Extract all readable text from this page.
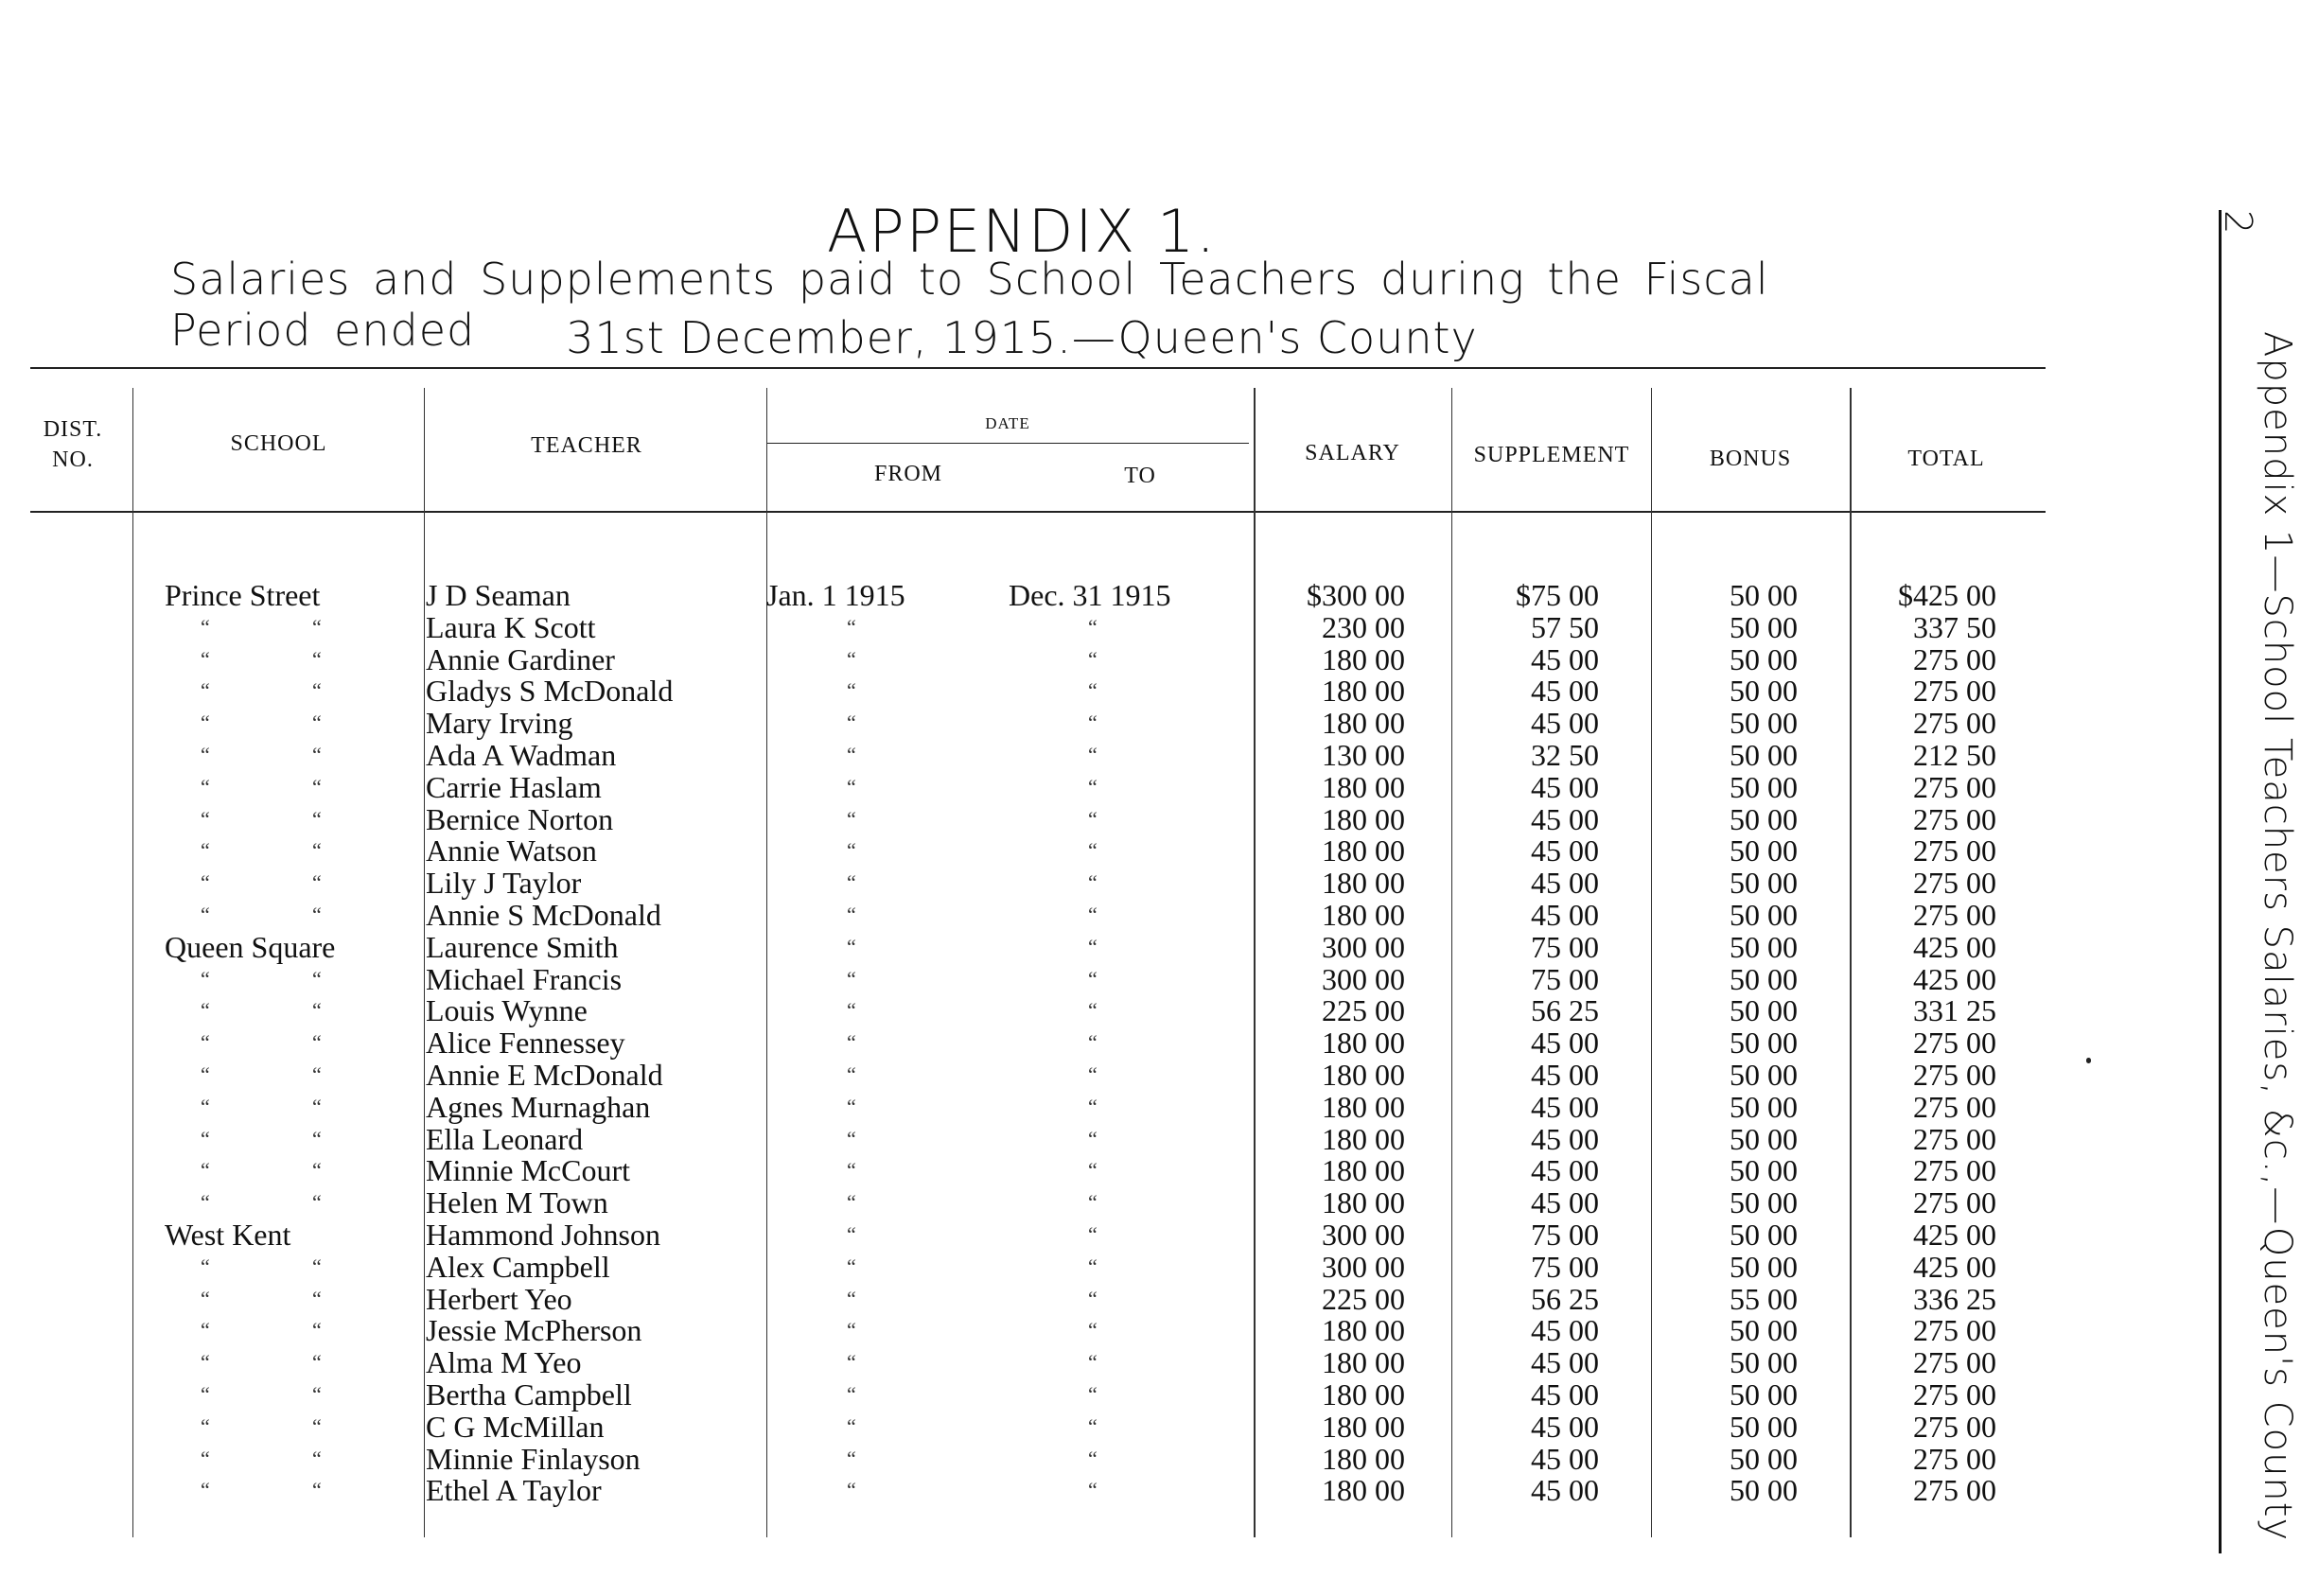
APPENDIX 1.
Salaries and Supplements paid to School Teachers during the Fiscal Period ended	31st December, 1915.—Queen's County
DIST.
NO.
SCHOOL	TEACHER
DATE
FROM	TO
SALARY	SUPPLEMENT	BONUS	TOTAL
Prince Street	J D Seaman	Jan. 1 1915	Dec. 31 1915	$300 00	$75 00	50 00	$425 00
“	“	Laura K Scott	“	“	230 00	57 50	50 00	337 50
“	“	Annie Gardiner	“	“	180 00	45 00	50 00	275 00
“	“	Gladys S McDonald	“	“	180 00	45 00	50 00	275 00
“	“	Mary Irving	“	“	180 00	45 00	50 00	275 00
“	“	Ada A Wadman	“	“	130 00	32 50	50 00	212 50
“	“	Carrie Haslam	“	“	180 00	45 00	50 00	275 00
“	“	Bernice Norton	“	“	180 00	45 00	50 00	275 00
“	“	Annie Watson	“	“	180 00	45 00	50 00	275 00
“	“	Lily J Taylor	“	“	180 00	45 00	50 00	275 00
“	“	Annie S McDonald	“	“	180 00	45 00	50 00	275 00
Queen Square	Laurence Smith	“	“	300 00	75 00	50 00	425 00
“	“	Michael Francis	“	“	300 00	75 00	50 00	425 00
“	“	Louis Wynne	“	“	225 00	56 25	50 00	331 25
“	“	Alice Fennessey	“	“	180 00	45 00	50 00	275 00
“	“	Annie E McDonald	“	“	180 00	45 00	50 00	275 00
“	“	Agnes Murnaghan	“	“	180 00	45 00	50 00	275 00
“	“	Ella Leonard	“	“	180 00	45 00	50 00	275 00
“	“	Minnie McCourt	“	“	180 00	45 00	50 00	275 00
“	“	Helen M Town	“	“	180 00	45 00	50 00	275 00
West Kent	Hammond Johnson	“	“	300 00	75 00	50 00	425 00
“	“	Alex Campbell	“	“	300 00	75 00	50 00	425 00
“	“	Herbert Yeo	“	“	225 00	56 25	55 00	336 25
“	“	Jessie McPherson	“	“	180 00	45 00	50 00	275 00
“	“	Alma M Yeo	“	“	180 00	45 00	50 00	275 00
“	“	Bertha Campbell	“	“	180 00	45 00	50 00	275 00
“	“	C G McMillan	“	“	180 00	45 00	50 00	275 00
“	“	Minnie Finlayson	“	“	180 00	45 00	50 00	275 00
“	“	Ethel A Taylor	“	“	180 00	45 00	50 00	275 00
2
Appendix 1—School Teachers Salaries, &c.,—Queen's County
